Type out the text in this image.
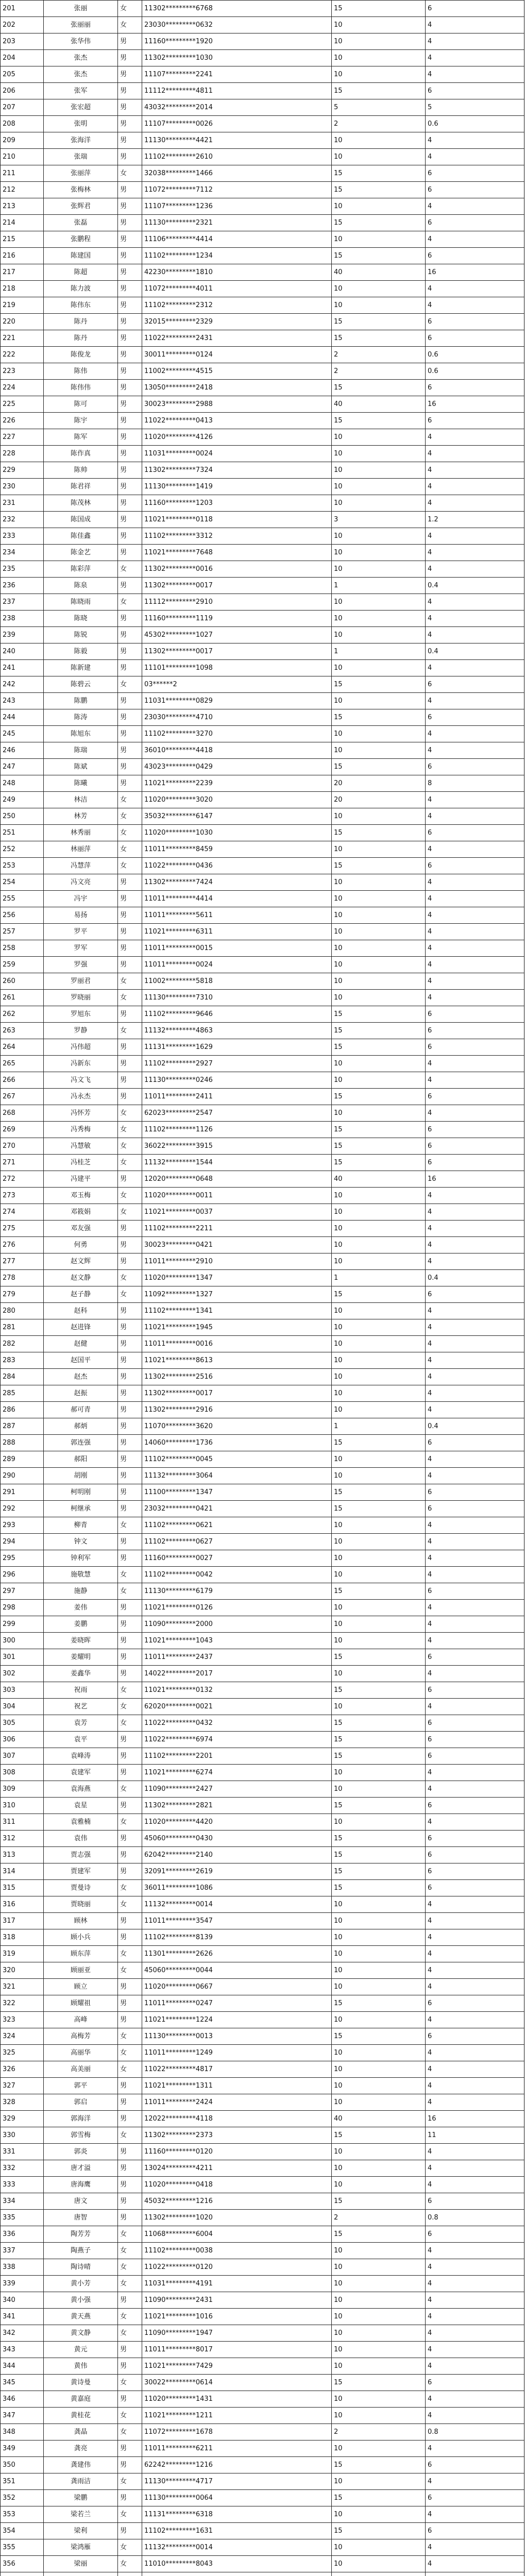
201	张丽	女	11302*********6768	15	6
202	张丽丽	女	23030*********0632	10	4
203	张华伟	男	11160*********1920	10	4
204	张杰	男	11302*********1030	10	4
205	张杰	男	11107*********2241	10	4
206	张军	男	11112*********4811	15	6
207	张宏超	男	43032*********2014	5	5
208	张明	男	11107*********0026	2	0.6
209	张海洋	男	11130*********4421	10	4
210	张瑞	男	11102*********2610	10	4
211	张丽萍	女	32038*********1466	15	6
212	张梅林	男	11072*********7112	15	6
213	张辉君	男	11107*********1236	10	4
214	张磊	男	11130*********2321	15	6
215	张鹏程	男	11106*********4414	10	4
216	陈建国	男	11102*********1234	15	6
217	陈超	男	42230*********1810	40	16
218	陈力波	男	11072*********4011	10	4
219	陈伟东	男	11102*********2312	10	4
220	陈丹	男	32015*********2329	15	6
221	陈丹	男	11022*********2431	15	6
222	陈俊龙	男	30011*********0124	2	0.6
223	陈伟	男	11002*********4515	2	0.6
224	陈伟伟	男	13050*********2418	15	6
225	陈可	男	30023*********2988	40	16
226	陈宇	男	11022*********0413	15	6
227	陈军	男	11020*********4126	10	4
228	陈作真	男	11031*********0024	10	4
229	陈帅	男	11302*********7324	10	4
230	陈君祥	男	11130*********1419	10	4
231	陈茂林	男	11160*********1203	10	4
232	陈国成	男	11021*********0118	3	1.2
233	陈佳鑫	男	11102*********3312	10	4
234	陈金艺	男	11021*********7648	10	4
235	陈彩萍	女	11302*********0016	10	4
236	陈泉	男	11302*********0017	1	0.4
237	陈晓雨	女	11112*********2910	10	4
238	陈晓	男	11160*********1119	10	4
239	陈锐	男	45302*********1027	10	4
240	陈毅	男	11302*********0017	1	0.4
241	陈新建	男	11101*********1098	10	4
242	陈碧云	女	03******2	15	6
243	陈鹏	男	11031*********0829	10	4
244	陈涛	男	23030*********4710	15	6
245	陈旭东	男	11102*********3270	10	4
246	陈瑞	男	36010*********4418	10	4
247	陈斌	男	43023*********0429	15	6
248	陈曦	男	11021*********2239	20	8
249	林洁	女	11020*********3020	20	4
250	林芳	女	35032*********6147	10	4
251	林秀丽	女	11020*********1030	15	6
252	林丽萍	女	11011*********8459	10	4
253	冯慧萍	女	11022*********0436	15	6
254	冯文亮	男	11302*********7424	10	4
255	冯宇	男	11011*********4414	10	4
256	易扬	男	11011*********5611	10	4
257	罗平	男	11021*********6311	10	4
258	罗军	男	11011*********0015	10	4
259	罗强	男	11011*********0024	10	4
260	罗丽君	女	11002*********5818	10	4
261	罗晓丽	女	11130*********7310	10	4
262	罗旭东	男	11102*********9646	15	6
263	罗静	女	11132*********4863	15	6
264	冯伟超	男	11131*********1629	15	6
265	冯新东	男	11102*********2927	10	4
266	冯文飞	男	11130*********0246	10	4
267	冯永杰	男	11011*********2411	15	6
268	冯怀芳	女	62023*********2547	10	4
269	冯秀梅	女	11102*********1126	15	6
270	冯慧敏	女	36022*********3915	15	6
271	冯桂芝	女	11132*********1544	15	6
272	冯建平	男	12020*********0648	40	16
273	邓玉梅	女	11020*********0011	10	4
274	邓筱娟	女	11021*********0037	10	4
275	邓友强	男	11102*********2211	10	4
276	何勇	男	30023*********0421	10	4
277	赵文辉	男	11011*********2910	10	4
278	赵文静	女	11020*********1347	1	0.4
279	赵子静	女	11092*********1327	15	6
280	赵科	男	11102*********1341	10	4
281	赵进锋	男	11021*********1945	10	4
282	赵健	男	11011*********0016	10	4
283	赵国平	男	11021*********8613	10	4
284	赵杰	男	11302*********2516	10	4
285	赵振	男	11302*********0017	10	4
286	郝可青	男	11302*********2916	10	4
287	郝炳	男	11070*********3620	1	0.4
288	郭连强	男	14060*********1736	15	6
289	郝阳	男	11102*********0045	10	4
290	胡刚	男	11132*********3064	10	4
291	柯明刚	男	11100*********1347	15	6
292	柯继承	男	23032*********0421	15	6
293	柳青	女	11102*********0621	10	4
294	钟文	男	11102*********0627	10	4
295	钟利军	男	11160*********0027	10	4
296	施敬慧	女	11102*********0042	10	4
297	施静	女	11130*********6179	15	6
298	姜伟	男	11021*********0126	10	4
299	姜鹏	男	11090*********2000	10	4
300	姜晓晖	男	11021*********1043	10	4
301	姜耀明	男	11011*********2437	15	6
302	姜鑫华	男	14022*********2017	10	4
303	祝雨	女	11021*********0132	15	6
304	祝艺	女	62020*********0021	10	4
305	袁芳	女	11022*********0432	15	6
306	袁平	男	11022*********6974	15	6
307	袁峰涛	男	11102*********2201	15	6
308	袁建军	男	11021*********6274	10	4
309	袁海燕	女	11090*********2427	10	4
310	袁星	男	11302*********2821	15	6
311	袁雅楠	女	11020*********4420	10	4
312	袁伟	男	45060*********0430	15	6
313	贾志强	男	62042*********2140	15	6
314	贾建军	男	32091*********2619	15	6
315	贾曼诗	女	36011*********1086	15	6
316	贾晓丽	女	11132*********0014	10	4
317	顾林	男	11011*********3547	10	4
318	顾小兵	男	11102*********8139	10	4
319	顾东萍	女	11301*********2626	10	4
320	顾丽亚	女	45060*********0044	10	4
321	顾立	男	11020*********0667	10	4
322	顾耀祖	男	11011*********0247	15	6
323	高峰	男	11021*********1224	10	4
324	高梅芳	女	11130*********0013	15	6
325	高丽华	女	11011*********1249	10	4
326	高美丽	女	11022*********4817	10	4
327	郭平	男	11021*********1311	10	4
328	郭启	男	11011*********2424	10	4
329	郭海洋	男	12022*********4118	40	16
330	郭雪梅	女	11302*********2373	15	11
331	郭炎	男	11160*********0120	10	4
332	唐才溢	男	13024*********4211	10	4
333	唐海鹰	男	11020*********0418	10	4
334	唐文	男	45032*********1216	15	6
335	唐智	男	11302*********1020	2	0.8
336	陶芳芳	女	11068*********6004	15	6
337	陶燕子	女	11102*********0038	10	4
338	陶诗晴	女	11022*********0120	10	4
339	黄小芳	女	11031*********4191	10	4
340	黄小强	男	11090*********2431	10	4
341	黄天燕	女	11021*********1016	10	4
342	黄文静	女	11090*********1947	10	4
343	黄元	男	11011*********8017	10	4
344	黄伟	男	11021*********7429	10	4
345	黄诗曼	女	30022*********0614	15	6
346	黄嘉庭	男	11020*********1431	10	4
347	黄桂花	女	11021*********1211	10	4
348	龚晶	女	11072*********1678	2	0.8
349	龚亮	男	11011*********6211	10	4
350	龚建伟	男	62242*********1216	15	6
351	龚雨洁	女	11130*********4717	10	4
352	梁鹏	男	11130*********0064	15	6
353	梁若兰	女	11131*********6318	10	4
354	梁利	男	11102*********1631	15	6
355	梁鸿雁	女	11132*********0014	10	4
356	梁丽	女	11010*********8043	10	4
